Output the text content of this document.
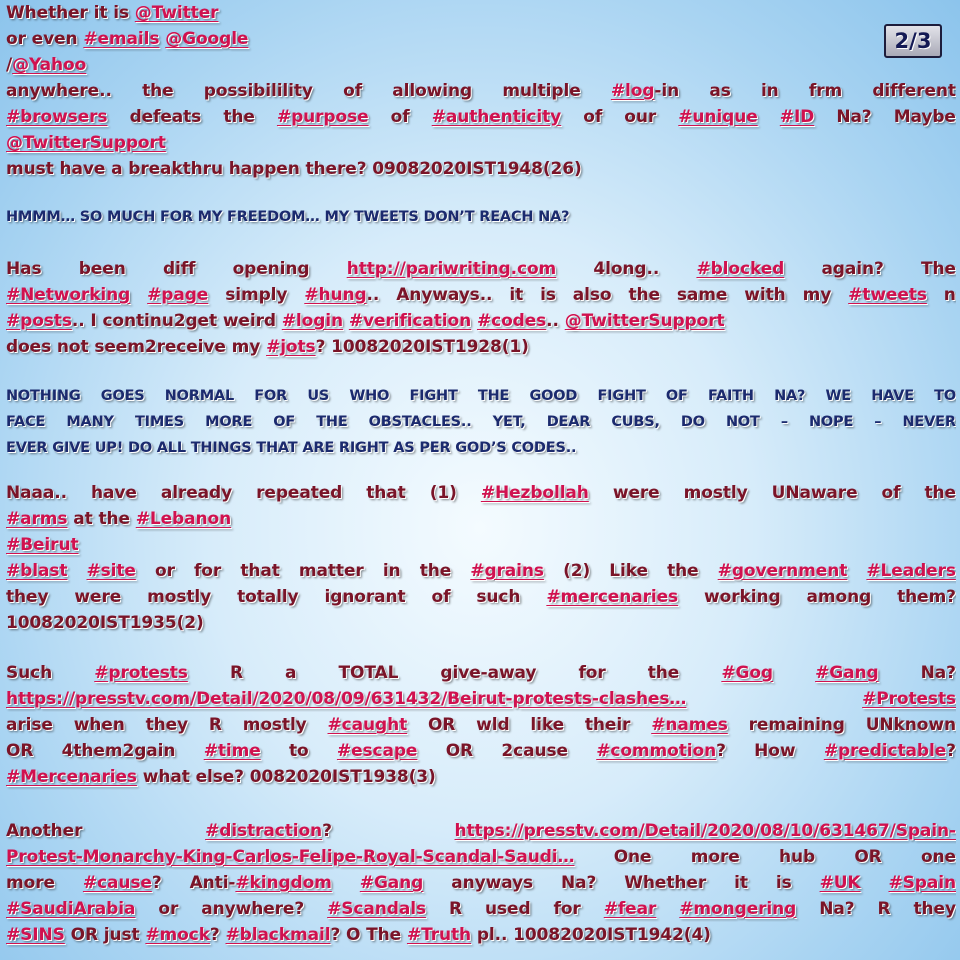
2/3
Whether it is @Twitter
or even #emails @Google
/@Yahoo
anywhere.. the possibilility of allowing multiple #log-in as in frm different
#browsers defeats the #purpose of #authenticity of our #unique #ID Na? Maybe
@TwitterSupport
must have a breakthru happen there? 09082020IST1948(26)
HMMM… SO MUCH FOR MY FREEDOM… MY TWEETS DON’T REACH NA?
Has been diff opening http://pariwriting.com 4long.. #blocked again? The
#Networking #page simply #hung.. Anyways.. it is also the same with my #tweets n
#posts.. I continu2get weird #login #verification #codes.. @TwitterSupport
does not seem2receive my #jots? 10082020IST1928(1)
NOTHING GOES NORMAL FOR US WHO FIGHT THE GOOD FIGHT OF FAITH NA? WE HAVE TO
FACE MANY TIMES MORE OF THE OBSTACLES.. YET, DEAR CUBS, DO NOT – NOPE – NEVER
EVER GIVE UP! DO ALL THINGS THAT ARE RIGHT AS PER GOD’S CODES..
Naaa.. have already repeated that (1) #Hezbollah were mostly UNaware of the
#arms at the #Lebanon
#Beirut
#blast #site or for that matter in the #grains (2) Like the #government #Leaders
they were mostly totally ignorant of such #mercenaries working among them?
10082020IST1935(2)
Such #protests R a TOTAL give-away for the #Gog #Gang Na?
https://presstv.com/Detail/2020/08/09/631432/Beirut-protests-clashes…	#Protests
arise when they R mostly #caught OR wld like their #names remaining UNknown
OR 4them2gain #time to #escape OR 2cause #commotion? How #predictable?
#Mercenaries what else? 0082020IST1938(3)
Another	#distraction?	https://presstv.com/Detail/2020/08/10/631467/Spain-
Protest-Monarchy-King-Carlos-Felipe-Royal-Scandal-Saudi… One more hub OR one
more #cause? Anti-#kingdom #Gang anyways Na? Whether it is #UK #Spain
#SaudiArabia or anywhere? #Scandals R used for #fear #mongering Na? R they
#SINS OR just #mock? #blackmail? O The #Truth pl.. 10082020IST1942(4)
